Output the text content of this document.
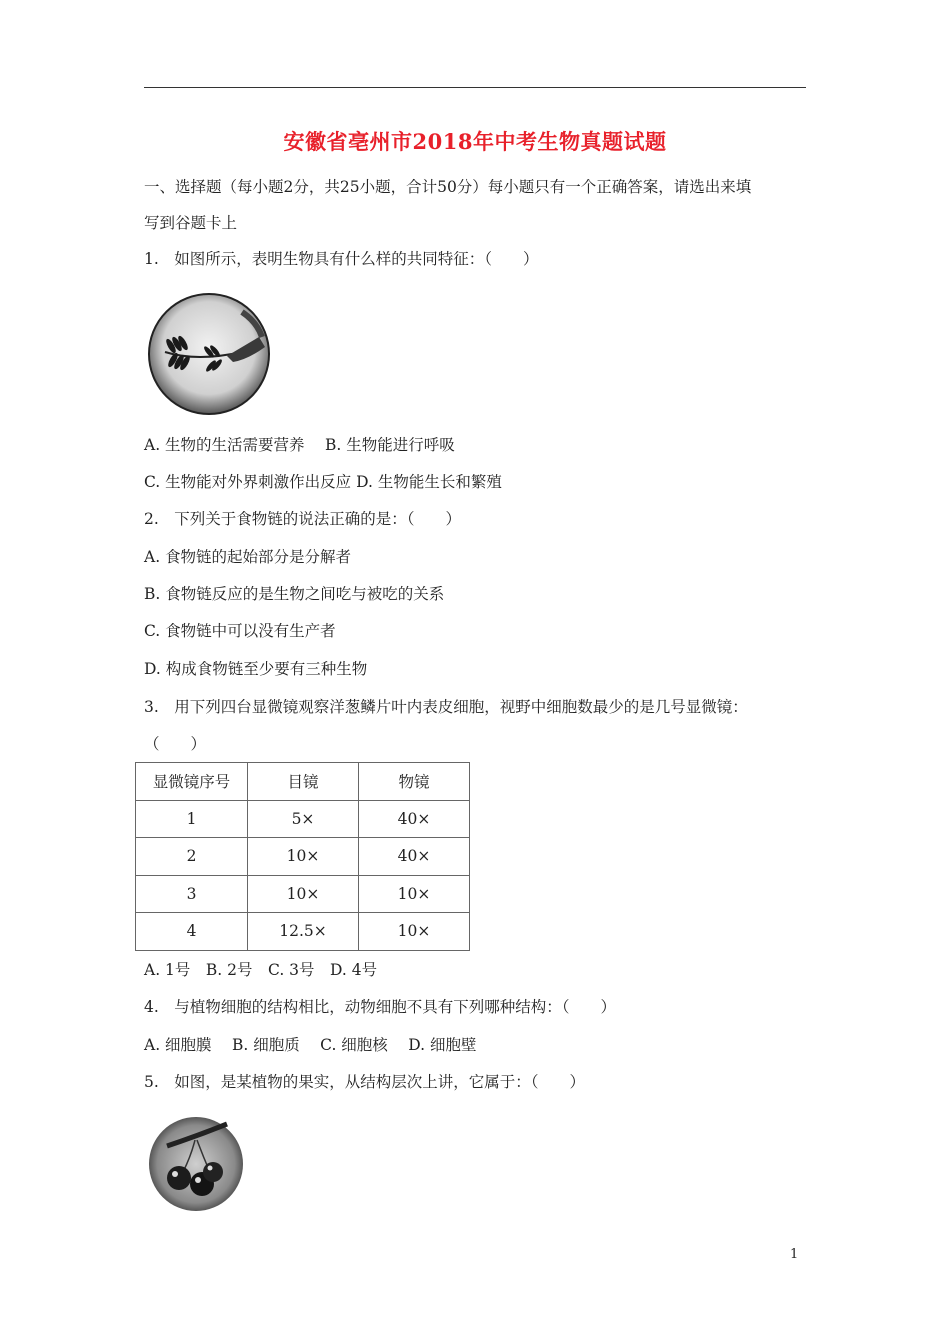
安徽省亳州市2018年中考生物真题试题
一、选择题（每小题2分，共25小题，合计50分）每小题只有一个正确答案，请选出来填
写到谷题卡上
1.　如图所示，表明生物具有什么样的共同特征：（　　）
A. 生物的生活需要营养　 B. 生物能进行呼吸
C. 生物能对外界刺激作出反应 D. 生物能生长和繁殖
2.　下列关于食物链的说法正确的是：（　　）
A. 食物链的起始部分是分解者
B. 食物链反应的是生物之间吃与被吃的关系
C. 食物链中可以没有生产者
D. 构成食物链至少要有三种生物
3.　用下列四台显微镜观察洋葱鳞片叶内表皮细胞，视野中细胞数最少的是几号显微镜：
（　　）
显微镜序号	目镜	物镜
1	5×	40×
2	10×	40×
3	10×	10×
4	12.5×	10×
A. 1号　B. 2号　C. 3号　D. 4号
4.　与植物细胞的结构相比，动物细胞不具有下列哪种结构：（　　）
A. 细胞膜　 B. 细胞质　 C. 细胞核　 D. 细胞壁
5.　如图，是某植物的果实，从结构层次上讲，它属于：（　　）
1
